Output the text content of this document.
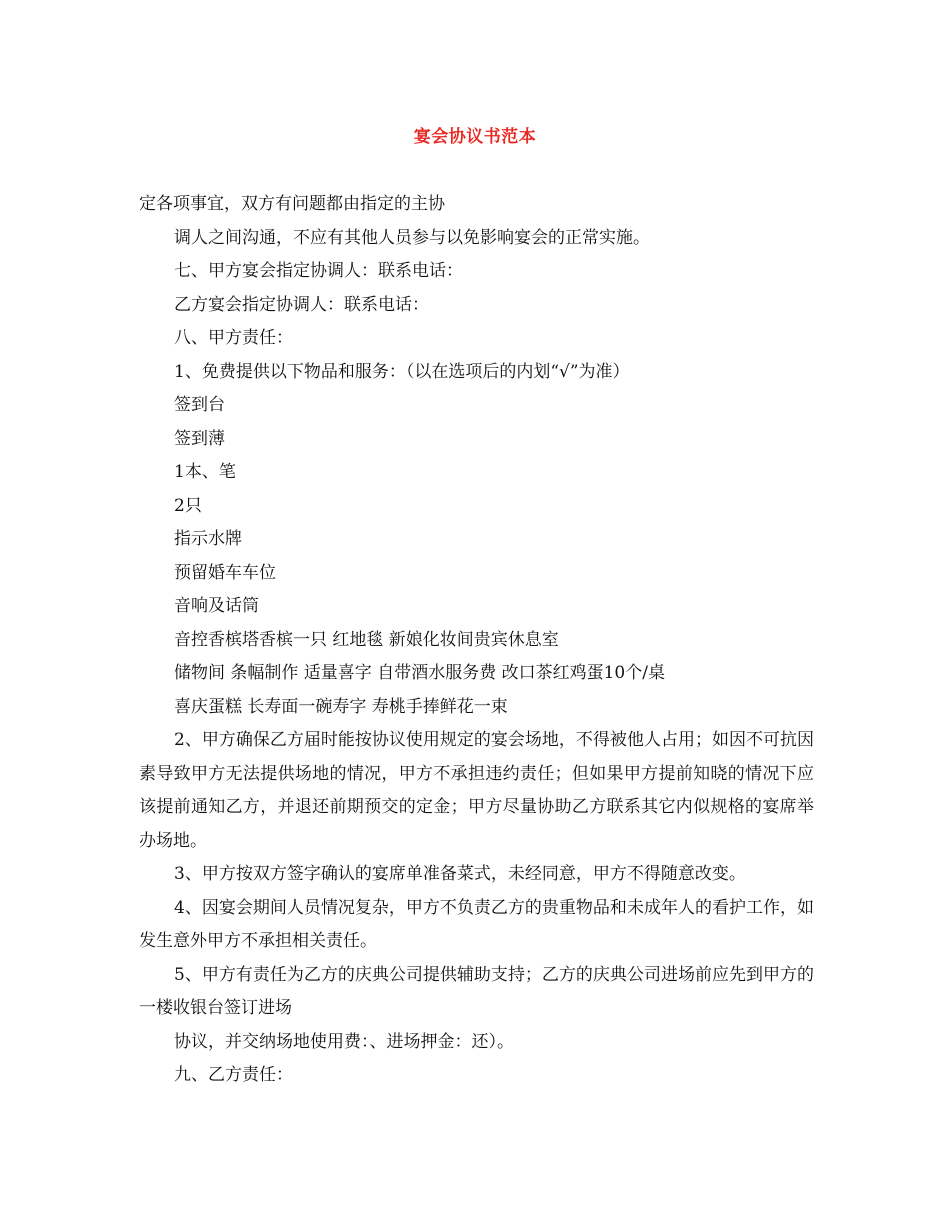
宴会协议书范本
定各项事宜，双方有问题都由指定的主协
调人之间沟通，不应有其他人员参与以免影响宴会的正常实施。
七、甲方宴会指定协调人：联系电话：
乙方宴会指定协调人：联系电话：
八、甲方责任：
1、免费提供以下物品和服务：（以在选项后的内划“√”为准）
签到台
签到薄
1本、笔
2只
指示水牌
预留婚车车位
音响及话筒
音控香槟塔香槟一只 红地毯 新娘化妆间贵宾休息室
储物间 条幅制作 适量喜字 自带酒水服务费 改口茶红鸡蛋10个/桌
喜庆蛋糕 长寿面一碗寿字 寿桃手捧鲜花一束
2、甲方确保乙方届时能按协议使用规定的宴会场地，不得被他人占用；如因不可抗因素导致甲方无法提供场地的情况，甲方不承担违约责任；但如果甲方提前知晓的情况下应该提前通知乙方，并退还前期预交的定金；甲方尽量协助乙方联系其它内似规格的宴席举办场地。
3、甲方按双方签字确认的宴席单准备菜式，未经同意，甲方不得随意改变。
4、因宴会期间人员情况复杂，甲方不负责乙方的贵重物品和未成年人的看护工作，如发生意外甲方不承担相关责任。
5、甲方有责任为乙方的庆典公司提供辅助支持；乙方的庆典公司进场前应先到甲方的一楼收银台签订进场
协议，并交纳场地使用费：、进场押金：还）。
九、乙方责任：
